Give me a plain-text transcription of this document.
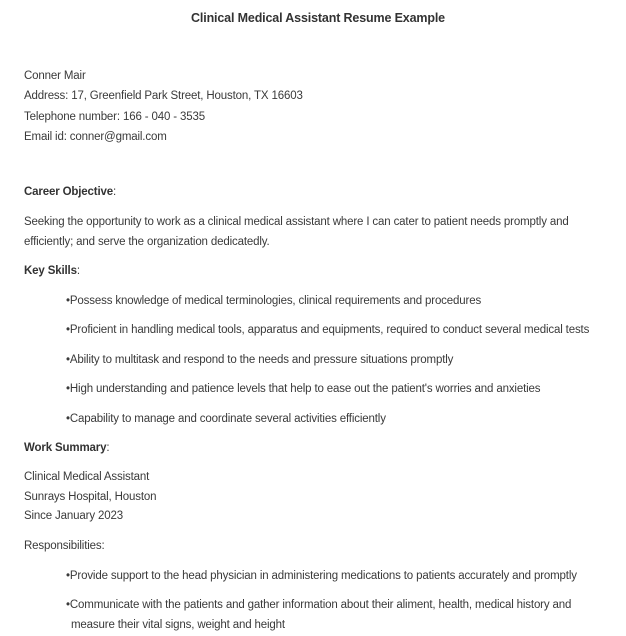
Clinical Medical Assistant Resume Example

Conner Mair

Address: 17, Greenfield Park Street, Houston, TX 16603

Telephone number: 166 - 040 - 3535

Email id: conner@gmail.com

Career Objective:

Seeking the opportunity to work as a clinical medical assistant where I can cater to patient needs promptly and efficiently; and serve the organization dedicatedly.

Key Skills:

•Possess knowledge of medical terminologies, clinical requirements and procedures
•Proficient in handling medical tools, apparatus and equipments, required to conduct several medical tests
•Ability to multitask and respond to the needs and pressure situations promptly
•High understanding and patience levels that help to ease out the patient's worries and anxieties
•Capability to manage and coordinate several activities efficiently

Work Summary:

Clinical Medical Assistant

Sunrays Hospital, Houston

Since January 2023

Responsibilities:

•Provide support to the head physician in administering medications to patients accurately and promptly
•Communicate with the patients and gather information about their aliment, health, medical history and measure their vital signs, weight and height
